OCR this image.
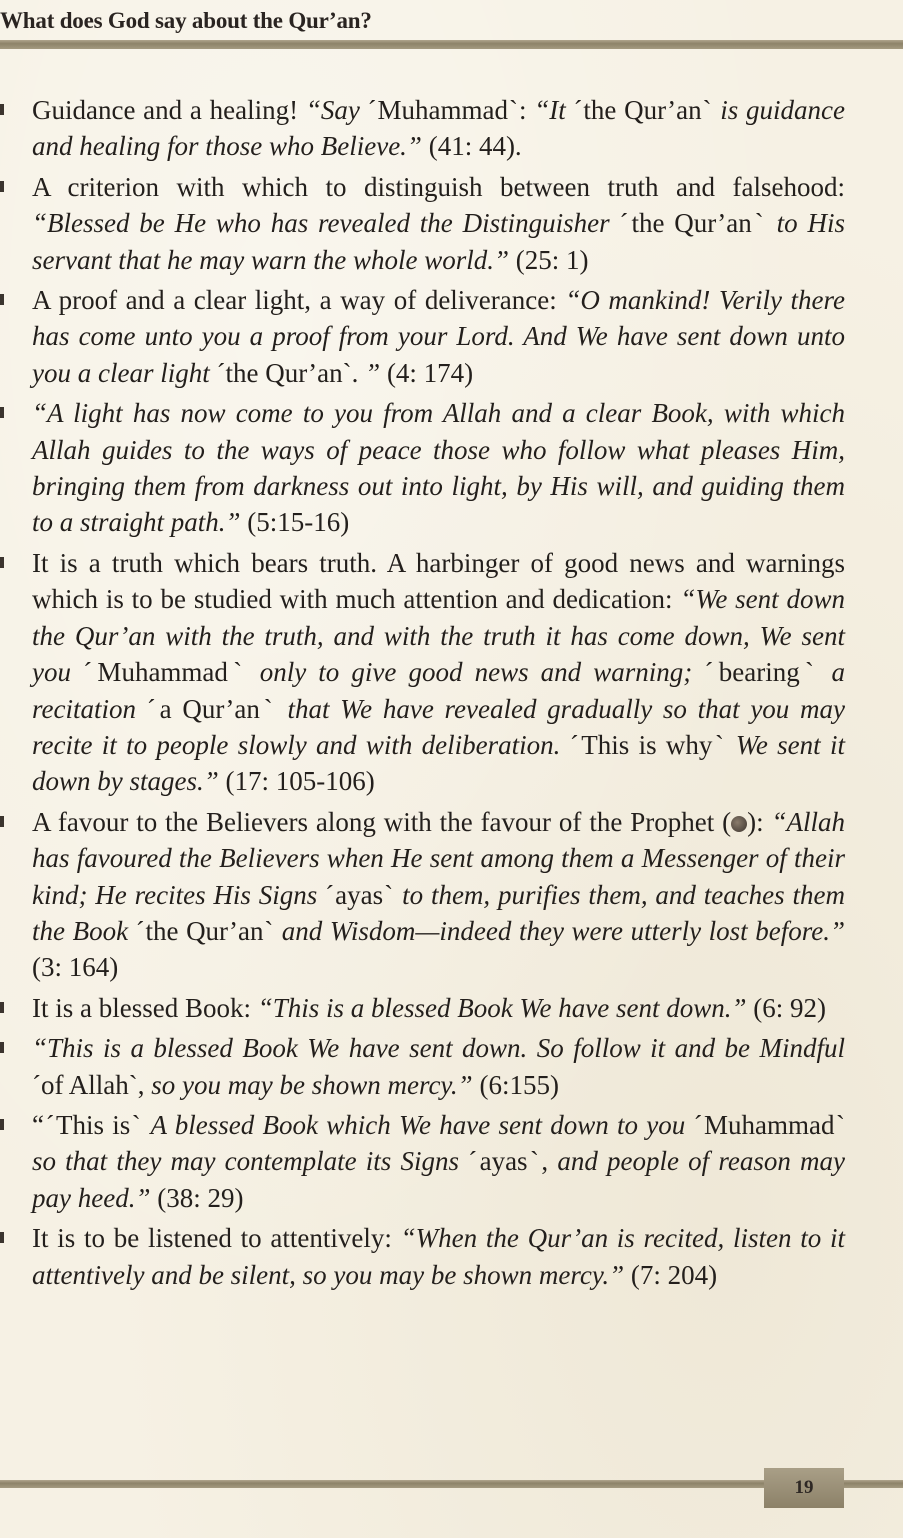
What does God say about the Qur’an?
Guidance and a healing! “Say ˊMuhammadˋ: “It ˊthe Qur’anˋ is guidance and healing for those who Believe.” (41: 44).
A criterion with which to distinguish between truth and falsehood: “Blessed be He who has revealed the Distinguisher ˊthe Qur’anˋ to His servant that he may warn the whole world.” (25: 1)
A proof and a clear light, a way of deliverance: “O mankind! Verily there has come unto you a proof from your Lord. And We have sent down unto you a clear light ˊthe Qur’anˋ. ” (4: 174)
“A light has now come to you from Allah and a clear Book, with which Allah guides to the ways of peace those who follow what pleases Him, bringing them from darkness out into light, by His will, and guiding them to a straight path.” (5:15-16)
It is a truth which bears truth. A harbinger of good news and warnings which is to be studied with much attention and dedication: “We sent down the Qur’an with the truth, and with the truth it has come down, We sent you ˊMuhammadˋ only to give good news and warning; ˊbearingˋ a recitation ˊa Qur’anˋ that We have revealed gradually so that you may recite it to people slowly and with deliberation. ˊThis is whyˋ We sent it down by stages.” (17: 105-106)
A favour to the Believers along with the favour of the Prophet ( ): “Allah has favoured the Believers when He sent among them a Messenger of their kind; He recites His Signs ˊayasˋ to them, purifies them, and teaches them the Book ˊthe Qur’anˋ and Wisdom—indeed they were utterly lost before.” (3: 164)
It is a blessed Book: “This is a blessed Book We have sent down.” (6: 92)
“This is a blessed Book We have sent down. So follow it and be Mindful ˊof Allahˋ, so you may be shown mercy.” (6:155)
“ˊThis isˋ A blessed Book which We have sent down to you ˊMuhammadˋ so that they may contemplate its Signs ˊayasˋ, and people of reason may pay heed.” (38: 29)
It is to be listened to attentively: “When the Qur’an is recited, listen to it attentively and be silent, so you may be shown mercy.” (7: 204)
19
